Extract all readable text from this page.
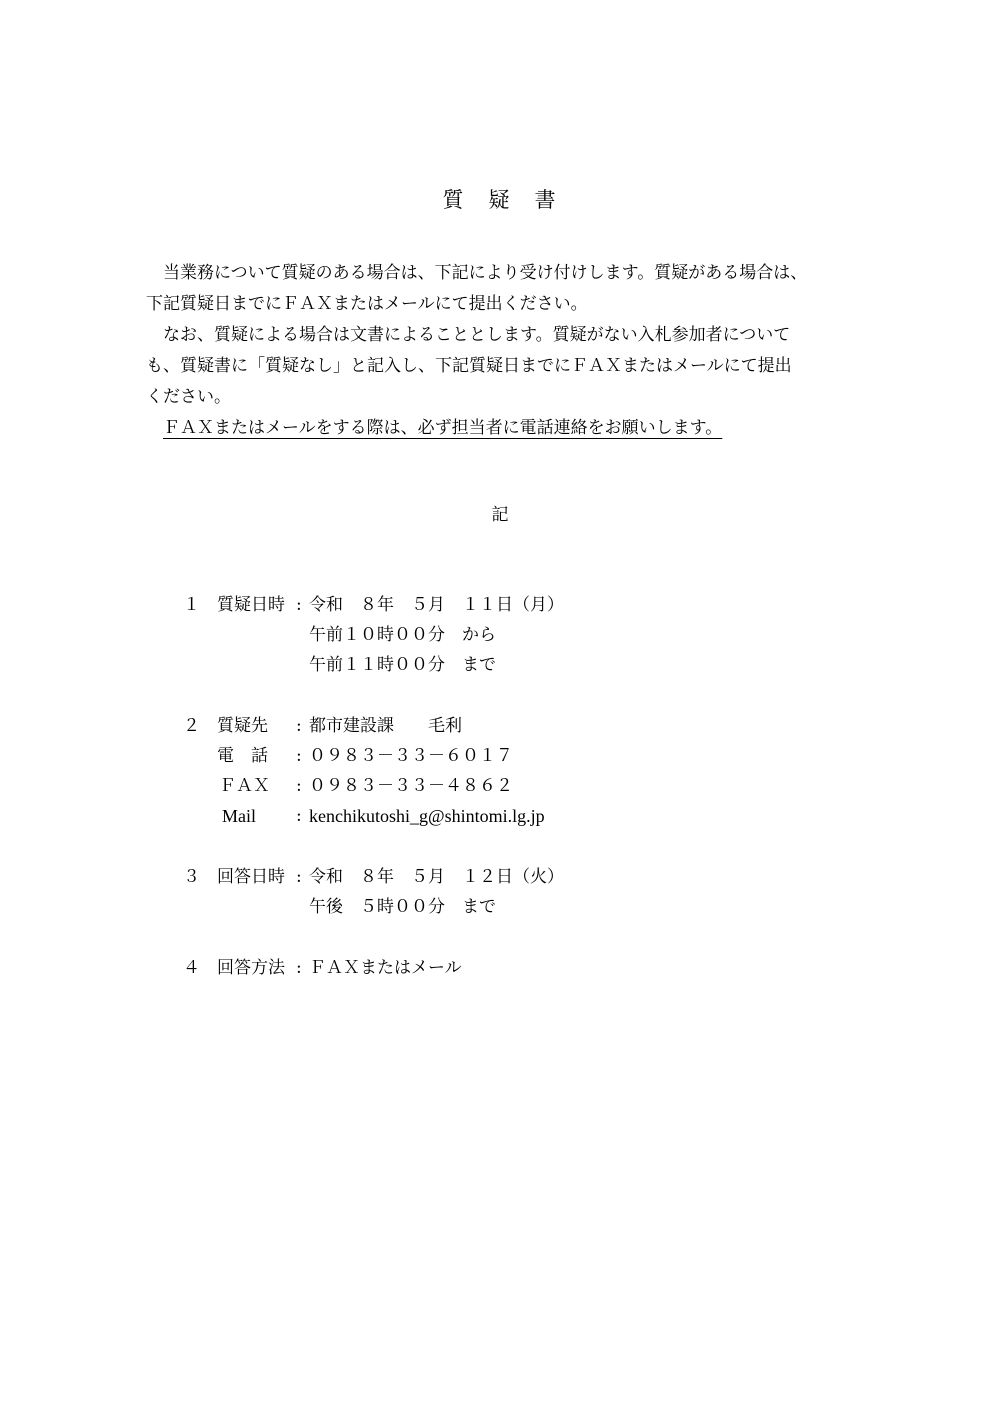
質　疑　書
　当業務について質疑のある場合は、下記により受け付けします。質疑がある場合は、
下記質疑日までにＦＡＸまたはメールにて提出ください。
　なお、質疑による場合は文書によることとします。質疑がない入札参加者について
も、質疑書に「質疑なし」と記入し、下記質疑日までにＦＡＸまたはメールにて提出
ください。
　ＦＡＸまたはメールをする際は、必ず担当者に電話連絡をお願いします。
記
１ 質疑日時 : 令和　８年　５月　１１日（月）
午前１０時００分　から
午前１１時００分　まで
２ 質疑先 : 都市建設課　　毛利
電　話 : ０９８３－３３－６０１７
ＦＡＸ : ０９８３－３３－４８６２
Mail : kenchikutoshi_g@shintomi.lg.jp
３ 回答日時 : 令和　８年　５月　１２日（火）
午後　５時００分　まで
４ 回答方法 : ＦＡＸまたはメール
